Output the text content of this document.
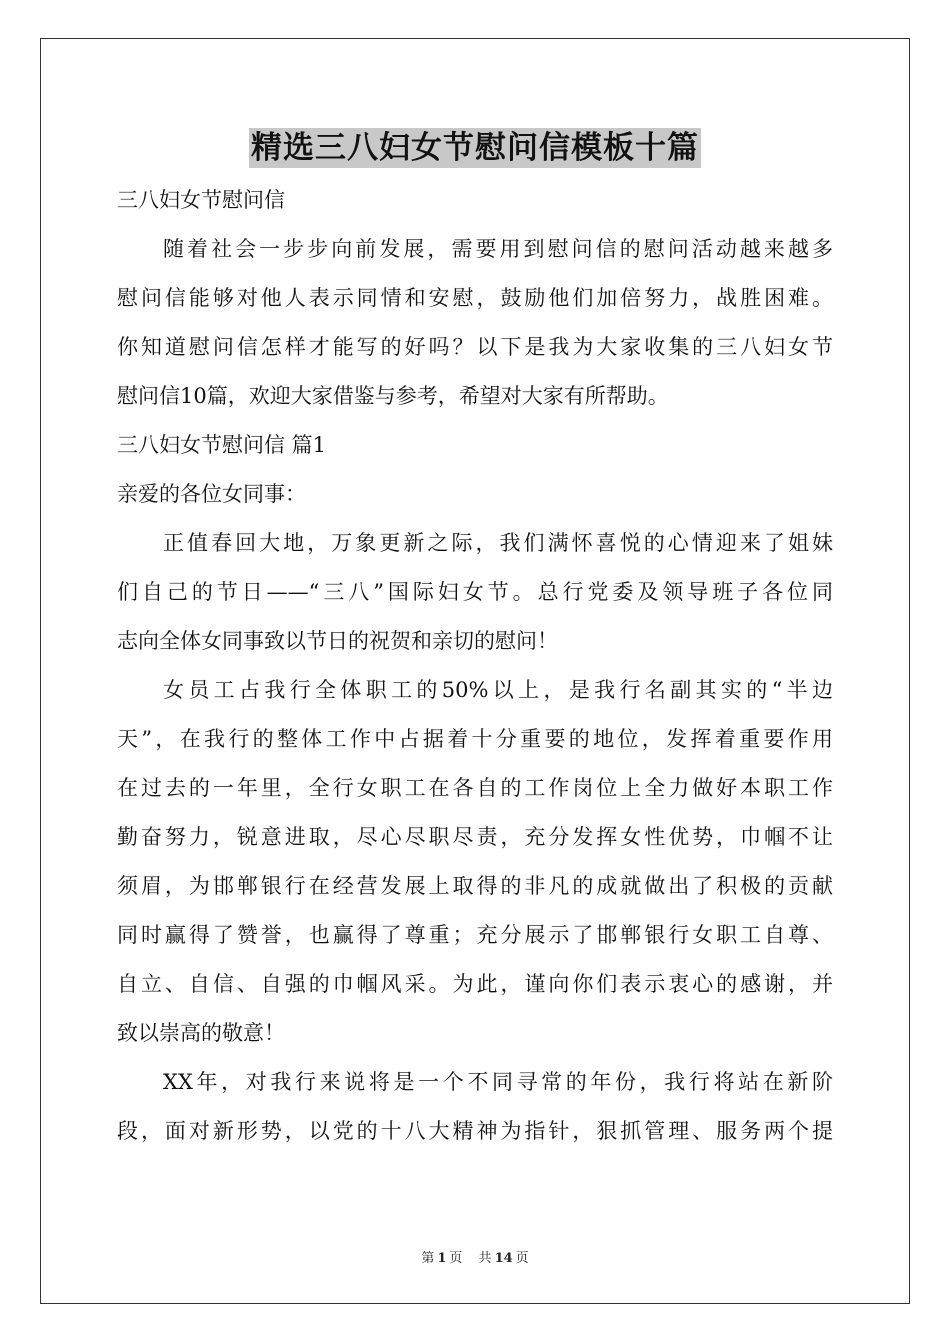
精选三八妇女节慰问信模板十篇
三八妇女节慰问信
随着社会一步步向前发展，需要用到慰问信的慰问活动越来越多
慰问信能够对他人表示同情和安慰，鼓励他们加倍努力，战胜困难。
你知道慰问信怎样才能写的好吗？以下是我为大家收集的三八妇女节
慰问信10篇，欢迎大家借鉴与参考，希望对大家有所帮助。
三八妇女节慰问信 篇1
亲爱的各位女同事：
正值春回大地，万象更新之际，我们满怀喜悦的心情迎来了姐妹
们自己的节日——“三八”国际妇女节。总行党委及领导班子各位同
志向全体女同事致以节日的祝贺和亲切的慰问！
女员工占我行全体职工的50%以上，是我行名副其实的“半边
天”，在我行的整体工作中占据着十分重要的地位，发挥着重要作用
在过去的一年里，全行女职工在各自的工作岗位上全力做好本职工作
勤奋努力，锐意进取，尽心尽职尽责，充分发挥女性优势，巾帼不让
须眉，为邯郸银行在经营发展上取得的非凡的成就做出了积极的贡献
同时赢得了赞誉，也赢得了尊重；充分展示了邯郸银行女职工自尊、
自立、自信、自强的巾帼风采。为此，谨向你们表示衷心的感谢，并
致以崇高的敬意！
XX年，对我行来说将是一个不同寻常的年份，我行将站在新阶
段，面对新形势，以党的十八大精神为指针，狠抓管理、服务两个提
第 1 页 共 14 页
